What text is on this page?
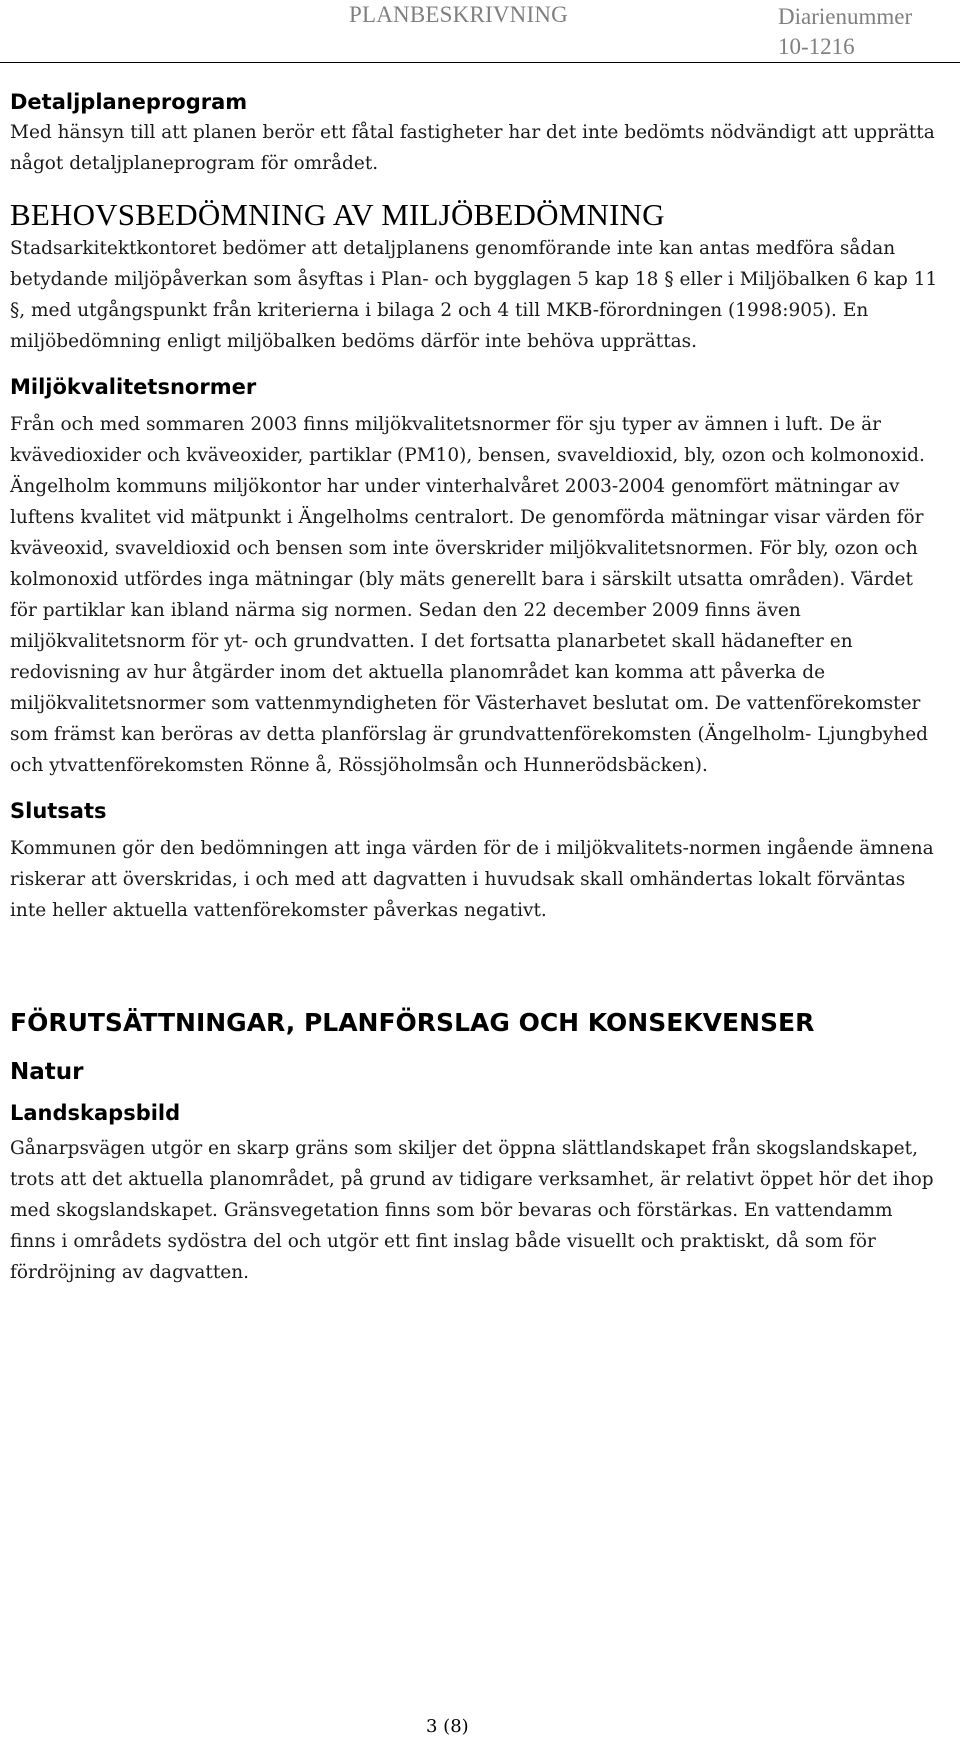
PLANBESKRIVNING	Diarienummer
10-1216
Detaljplaneprogram

Med hänsyn till att planen berör ett fåtal fastigheter har det inte bedömts nödvändigt att upprätta något detaljplaneprogram för området.

BEHOVSBEDÖMNING AV MILJÖBEDÖMNING

Stadsarkitektkontoret bedömer att detaljplanens genomförande inte kan antas medföra sådan betydande miljöpåverkan som åsyftas i Plan- och bygglagen 5 kap 18 § eller i Miljöbalken 6 kap 11 §, med utgångspunkt från kriterierna i bilaga 2 och 4 till MKB-förordningen (1998:905). En miljöbedömning enligt miljöbalken bedöms därför inte behöva upprättas.

Miljökvalitetsnormer

Från och med sommaren 2003 finns miljökvalitetsnormer för sju typer av ämnen i luft. De är kvävedioxider och kväveoxider, partiklar (PM10), bensen, svaveldioxid, bly, ozon och kolmonoxid. Ängelholm kommuns miljökontor har under vinterhalvåret 2003-2004 genomfört mätningar av luftens kvalitet vid mätpunkt i Ängelholms centralort. De genomförda mätningar visar värden för kväveoxid, svaveldioxid och bensen som inte överskrider miljökvalitetsnormen. För bly, ozon och kolmonoxid utfördes inga mätningar (bly mäts generellt bara i särskilt utsatta områden). Värdet för partiklar kan ibland närma sig normen. Sedan den 22 december 2009 finns även miljökvalitetsnorm för yt- och grundvatten. I det fortsatta planarbetet skall hädanefter en redovisning av hur åtgärder inom det aktuella planområdet kan komma att påverka de miljökvalitetsnormer som vattenmyndigheten för Västerhavet beslutat om. De vattenförekomster som främst kan beröras av detta planförslag är grundvattenförekomsten (Ängelholm- Ljungbyhed och ytvattenförekomsten Rönne å, Rössjöholmsån och Hunnerödsbäcken).

Slutsats

Kommunen gör den bedömningen att inga värden för de i miljökvalitets-normen ingående ämnena riskerar att överskridas, i och med att dagvatten i huvudsak skall omhändertas lokalt förväntas inte heller aktuella vattenförekomster påverkas negativt.

FÖRUTSÄTTNINGAR, PLANFÖRSLAG OCH KONSEKVENSER
Natur
Landskapsbild

Gånarpsvägen utgör en skarp gräns som skiljer det öppna slättlandskapet från skogslandskapet, trots att det aktuella planområdet, på grund av tidigare verksamhet, är relativt öppet hör det ihop med skogslandskapet. Gränsvegetation finns som bör bevaras och förstärkas. En vattendamm finns i områdets sydöstra del och utgör ett fint inslag både visuellt och praktiskt, då som för fördröjning av dagvatten.

3 (8)
